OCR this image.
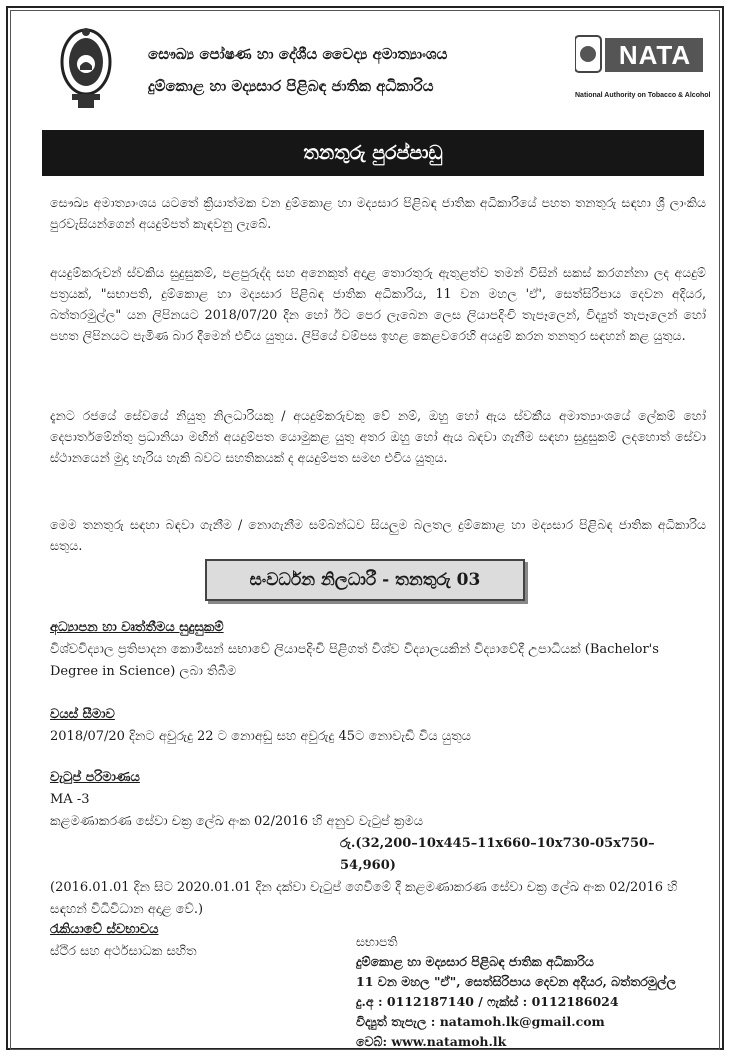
NATA
National Authority on Tobacco & Alcohol
සෞඛ්‍ය පෝෂණ හා දේශීය වෛද්‍ය අමාත්‍යාංශය
දුම්කොළ හා මද්‍යසාර පිළිබඳ ජාතික අධිකාරිය
තනතුරු පුරප්පාඩු
සෞඛ්‍ය අමාත්‍යාංශය යටතේ ක්‍රියාත්මක වන දුම්කොළ හා මද්‍යසාර පිළිබඳ ජාතික අධිකාරියේ පහත තනතුරු සඳහා ශ්‍රී ලාංකිය පුරවැසියන්ගෙන් අයදුම්පත් කැඳවනු ලැබේ.
අයදුම්කරුවන් ස්වකිය සුදුසුකම්, පළපුරුද්ද සහ අනෙකුත් අදාළ තොරතුරු ඇතුළත්ව තමන් විසින් සකස් කරගන්නා ලද අයදුම් පත්‍රයක්, "සභාපති, දුම්කොළ හා මද්‍යසාර පිළිබඳ ජාතික අධිකාරිය, 11 වන මහල 'ඒ', සෙත්සිරිපාය දෙවන අදියර, බත්තරමුල්ල" යන ලිපිනයට 2018/07/20 දින හෝ ඊට පෙර ලැබෙන ලෙස ලියාපදිංචි තැපෑලෙන්, විද්‍යුත් තැපෑලෙන් හෝ පහත ලිපිනයට පැමිණ බාර දීමෙන් එවිය යුතුය. ලිපියේ වම්පස ඉහළ කෙළවරෙහි අයදුම් කරන තනතුර සඳහන් කළ යුතුය.
දැනට රජයේ සේවයේ නියුතු නිලධාරියකු / අයදුම්කරුවකු වේ නම්, ඔහු හෝ ඇය ස්වකීය අමාත්‍යාංශයේ ලේකම් හෝ දෙපාර්තමේන්තු ප්‍රධානියා මඟින් අයදුම්පත යොමුකළ යුතු අතර ඔහු හෝ ඇය බඳවා ගැනීම සඳහා සුදුසුකම් ලදහොත් සේවා ස්ථානයෙන් මුදා හැරිය හැකි බවට සහතිකයක් ද අයදුම්පත සමඟ එවිය යුතුය.
මෙම තනතුරු සඳහා බඳවා ගැනීම / නොගැනීම සම්බන්ධව සියලුම බලතල දුම්කොළ හා මද්‍යසාර පිළිබඳ ජාතික අධිකාරිය සතුය.
සංවර්ධන නිලධාරී - තනතුරු 03
අධ්‍යාපන හා වෘත්තීමය සුදුසුකම්
විශ්වවිද්‍යාල ප්‍රතිපාදන කොමිසන් සභාවේ ලියාපදිංචි පිළිගත් විශ්ව විද්‍යාලයකින් විද්‍යාවේදී උපාධියක් (Bachelor's Degree in Science) ලබා තිබීම
වයස් සීමාව
2018/07/20 දිනට අවුරුදු 22 ට නොඅඩු සහ අවුරුදු 45ට නොවැඩි විය යුතුය
වැටුප් පරිමාණය
MA -3
කළමණාකරණ සේවා චක්‍ර ලේඛ අංක 02/2016 හි අනුව වැටුප් ක්‍රමය
රු.(32,200–10x445–11x660–10x730-05x750–54,960)
(2016.01.01 දින සිට 2020.01.01 දින දක්වා වැටුප් ගෙවීමේ දී කළමණාකරණ සේවා චක්‍ර ලේඛ අංක 02/2016 හි සඳහන් විධිවිධාන අදාළ වේ.)
රැකියාවේ ස්වභාවය
ස්ථිර සහ අර්ථසාධක සහිත
සභාපති
දුම්කොළ හා මද්‍යසාර පිළිබඳ ජාතික අධිකාරිය
11 වන මහල "ඒ", සෙත්සිරිපාය දෙවන අදියර, බත්තරමුල්ල
දු.අ : 0112187140 / ෆැක්ස් : 0112186024
විද්‍යුත් තැපැල : natamoh.lk@gmail.com
වෙබ්: www.natamoh.lk
